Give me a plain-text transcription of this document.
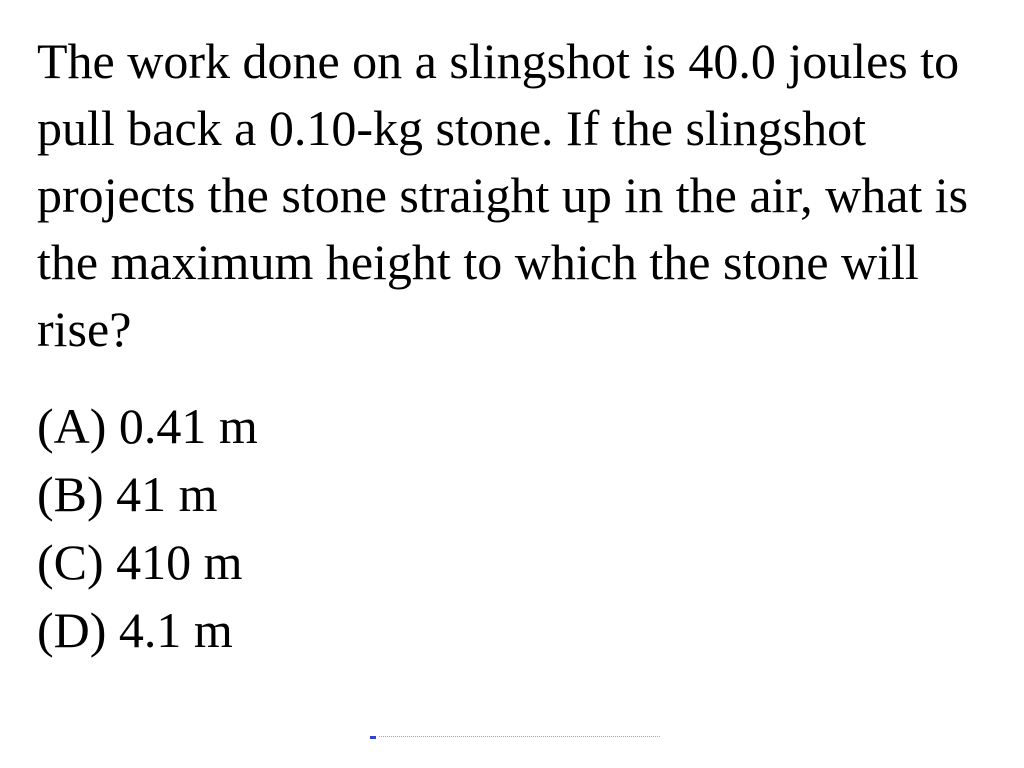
The work done on a slingshot is 40.0 joules to pull back a 0.10-kg stone. If the slingshot projects the stone straight up in the air, what is the maximum height to which the stone will rise?

(A) 0.41 m
(B) 41 m
(C) 410 m
(D) 4.1 m
